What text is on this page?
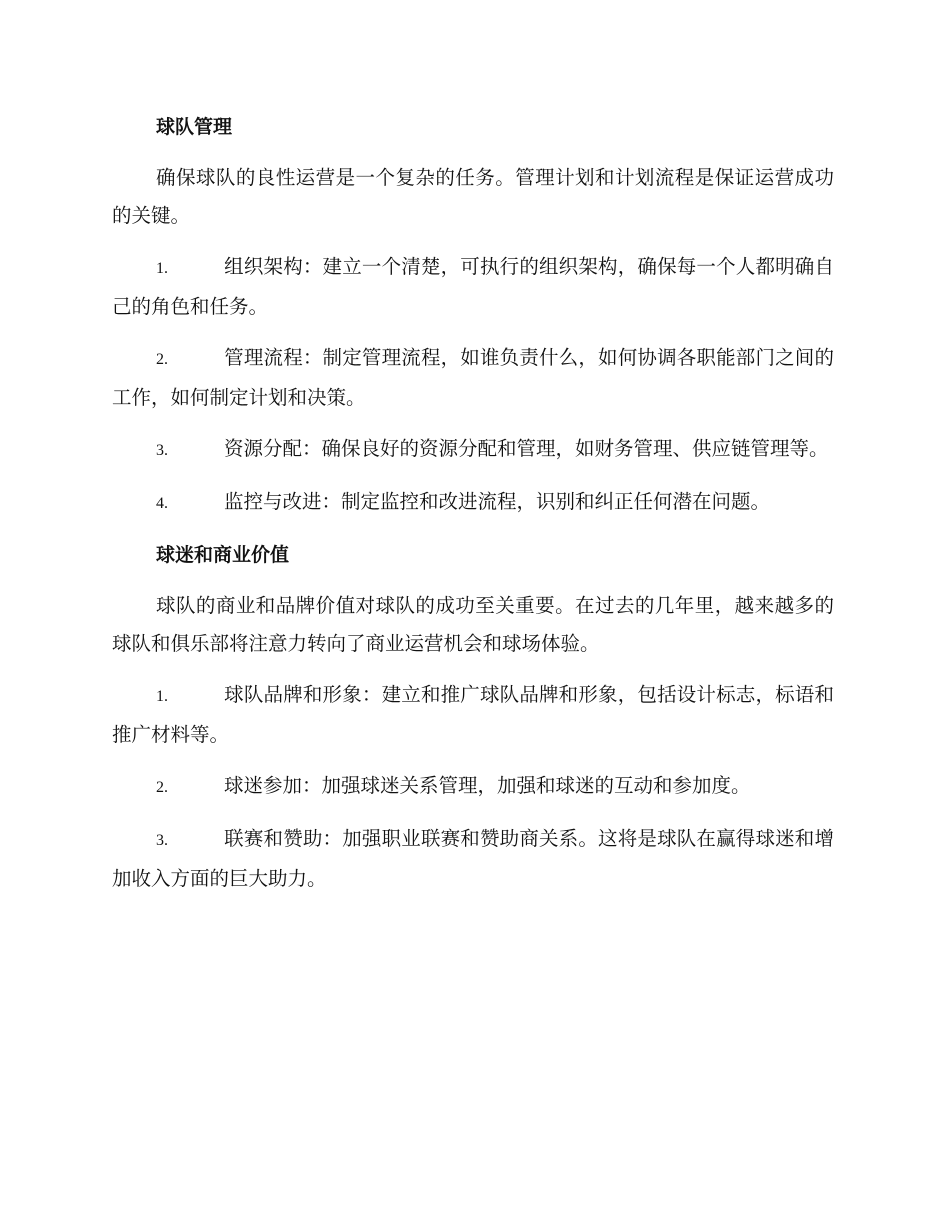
球队管理

确保球队的良性运营是一个复杂的任务。管理计划和计划流程是保证运营成功的关键。

1.	组织架构：建立一个清楚，可执行的组织架构，确保每一个人都明确自己的角色和任务。

2.	管理流程：制定管理流程，如谁负责什么，如何协调各职能部门之间的工作，如何制定计划和决策。

3.	资源分配：确保良好的资源分配和管理，如财务管理、供应链管理等。

4.	监控与改进：制定监控和改进流程，识别和纠正任何潜在问题。

球迷和商业价值

球队的商业和品牌价值对球队的成功至关重要。在过去的几年里，越来越多的球队和俱乐部将注意力转向了商业运营机会和球场体验。

1.	球队品牌和形象：建立和推广球队品牌和形象，包括设计标志，标语和推广材料等。

2.	球迷参加：加强球迷关系管理，加强和球迷的互动和参加度。

3.	联赛和赞助：加强职业联赛和赞助商关系。这将是球队在赢得球迷和增加收入方面的巨大助力。
